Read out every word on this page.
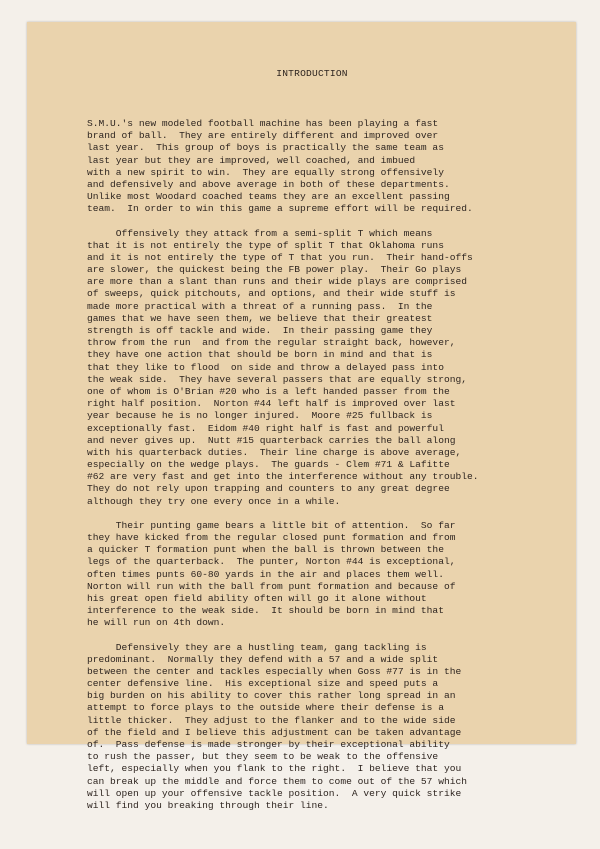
INTRODUCTION

S.M.U.'s new modeled football machine has been playing a fast
brand of ball.  They are entirely different and improved over
last year.  This group of boys is practically the same team as
last year but they are improved, well coached, and imbued
with a new spirit to win.  They are equally strong offensively
and defensively and above average in both of these departments.
Unlike most Woodard coached teams they are an excellent passing
team.  In order to win this game a supreme effort will be required.
Offensively they attack from a semi-split T which means
that it is not entirely the type of split T that Oklahoma runs
and it is not entirely the type of T that you run.  Their hand-offs
are slower, the quickest being the FB power play.  Their Go plays
are more than a slant than runs and their wide plays are comprised
of sweeps, quick pitchouts, and options, and their wide stuff is
made more practical with a threat of a running pass.  In the
games that we have seen them, we believe that their greatest
strength is off tackle and wide.  In their passing game they
throw from the run  and from the regular straight back, however,
they have one action that should be born in mind and that is
that they like to flood  on side and throw a delayed pass into
the weak side.  They have several passers that are equally strong,
one of whom is O'Brian #20 who is a left handed passer from the
right half position.  Norton #44 left half is improved over last
year because he is no longer injured.  Moore #25 fullback is
exceptionally fast.  Eidom #40 right half is fast and powerful
and never gives up.  Nutt #15 quarterback carries the ball along
with his quarterback duties.  Their line charge is above average,
especially on the wedge plays.  The guards - Clem #71 & Lafitte
#62 are very fast and get into the interference without any trouble.
They do not rely upon trapping and counters to any great degree
although they try one every once in a while.
Their punting game bears a little bit of attention.  So far
they have kicked from the regular closed punt formation and from
a quicker T formation punt when the ball is thrown between the
legs of the quarterback.  The punter, Norton #44 is exceptional,
often times punts 60-80 yards in the air and places them well.
Norton will run with the ball from punt formation and because of
his great open field ability often will go it alone without
interference to the weak side.  It should be born in mind that
he will run on 4th down.
Defensively they are a hustling team, gang tackling is
predominant.  Normally they defend with a 57 and a wide split
between the center and tackles especially when Goss #77 is in the
center defensive line.  His exceptional size and speed puts a
big burden on his ability to cover this rather long spread in an
attempt to force plays to the outside where their defense is a
little thicker.  They adjust to the flanker and to the wide side
of the field and I believe this adjustment can be taken advantage
of.  Pass defense is made stronger by their exceptional ability
to rush the passer, but they seem to be weak to the offensive
left, especially when you flank to the right.  I believe that you
can break up the middle and force them to come out of the 57 which
will open up your offensive tackle position.  A very quick strike
will find you breaking through their line.
